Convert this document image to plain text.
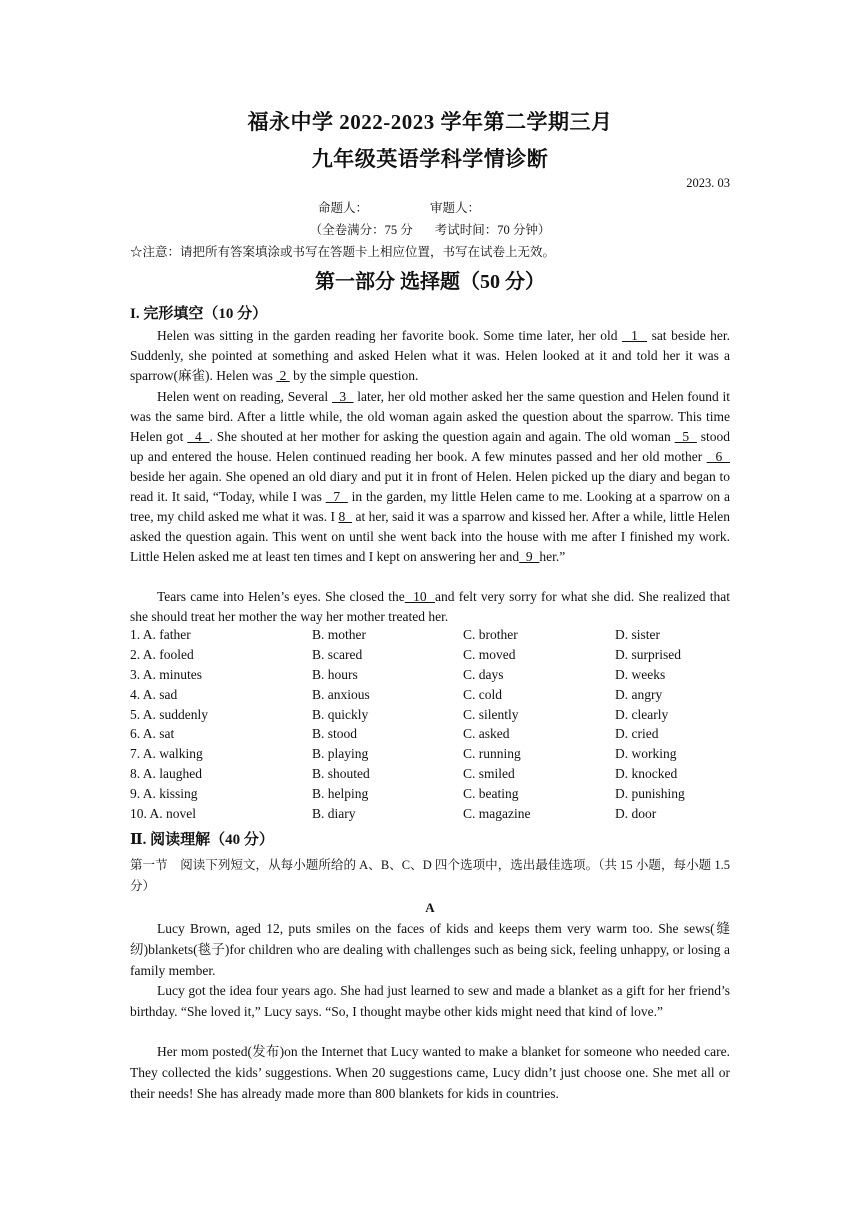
福永中学 2022-2023 学年第二学期三月
九年级英语学科学情诊断
2023. 03
命题人：	审题人：
（全卷满分：75 分 考试时间：70 分钟）
☆注意：请把所有答案填涂或书写在答题卡上相应位置，书写在试卷上无效。
第一部分 选择题（50 分）
I. 完形填空（10 分）
Helen was sitting in the garden reading her favorite book. Some time later, her old   1   sat beside her. Suddenly, she pointed at something and asked Helen what it was. Helen looked at it and told her it was a sparrow(麻雀). Helen was  2  by the simple question.
Helen went on reading, Several   3   later, her old mother asked her the same question and Helen found it was the same bird. After a little while, the old woman again asked the question about the sparrow. This time Helen got   4  . She shouted at her mother for asking the question again and again. The old woman   5   stood up and entered the house. Helen continued reading her book. A few minutes passed and her old mother   6   beside her again. She opened an old diary and put it in front of Helen. Helen picked up the diary and began to read it. It said, “Today, while I was   7   in the garden, my little Helen came to me. Looking at a sparrow on a tree, my child asked me what it was. I 8   at her, said it was a sparrow and kissed her. After a while, little Helen asked the question again. This went on until she went back into the house with me after I finished my work. Little Helen asked me at least ten times and I kept on answering her and  9  her.”
Tears came into Helen’s eyes. She closed the  10  and felt very sorry for what she did. She realized that she should treat her mother the way her mother treated her.
1. A. father	B. mother	C. brother	D. sister
2. A. fooled	B. scared	C. moved	D. surprised
3. A. minutes	B. hours	C. days	D. weeks
4. A. sad	B. anxious	C. cold	D. angry
5. A. suddenly	B. quickly	C. silently	D. clearly
6. A. sat	B. stood	C. asked	D. cried
7. A. walking	B. playing	C. running	D. working
8. A. laughed	B. shouted	C. smiled	D. knocked
9. A. kissing	B. helping	C. beating	D. punishing
10. A. novel	B. diary	C. magazine	D. door
Ⅱ. 阅读理解（40 分）
第一节　阅读下列短文，从每小题所给的 A、B、C、D 四个选项中，选出最佳选项。（共 15 小题，每小题 1.5 分）
A
Lucy Brown, aged 12, puts smiles on the faces of kids and keeps them very warm too. She sews(缝纫)blankets(毯子)for children who are dealing with challenges such as being sick, feeling unhappy, or losing a family member.
Lucy got the idea four years ago. She had just learned to sew and made a blanket as a gift for her friend’s birthday. “She loved it,” Lucy says. “So, I thought maybe other kids might need that kind of love.”
Her mom posted(发布)on the Internet that Lucy wanted to make a blanket for someone who needed care. They collected the kids’ suggestions. When 20 suggestions came, Lucy didn’t just choose one. She met all or their needs! She has already made more than 800 blankets for kids in countries.
